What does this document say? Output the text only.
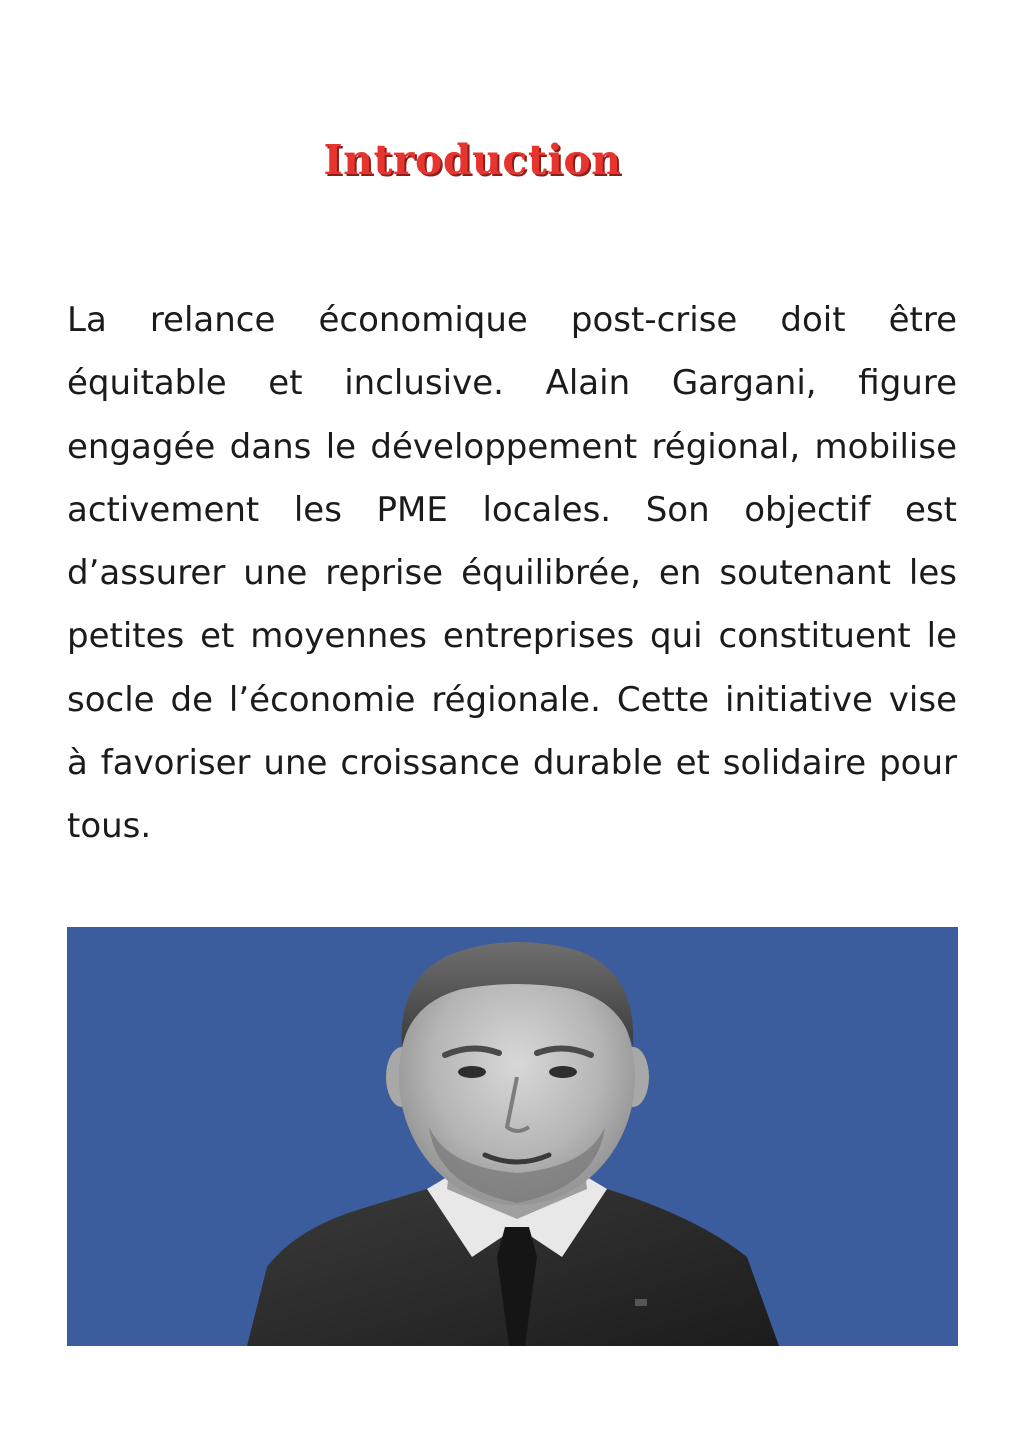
Introduction

La relance économique post-crise doit être équitable et inclusive. Alain Gargani, figure engagée dans le développement régional, mobilise activement les PME locales. Son objectif est d’assurer une reprise équilibrée, en soutenant les petites et moyennes entreprises qui constituent le socle de l’économie régionale. Cette initiative vise à favoriser une croissance durable et solidaire pour tous.
